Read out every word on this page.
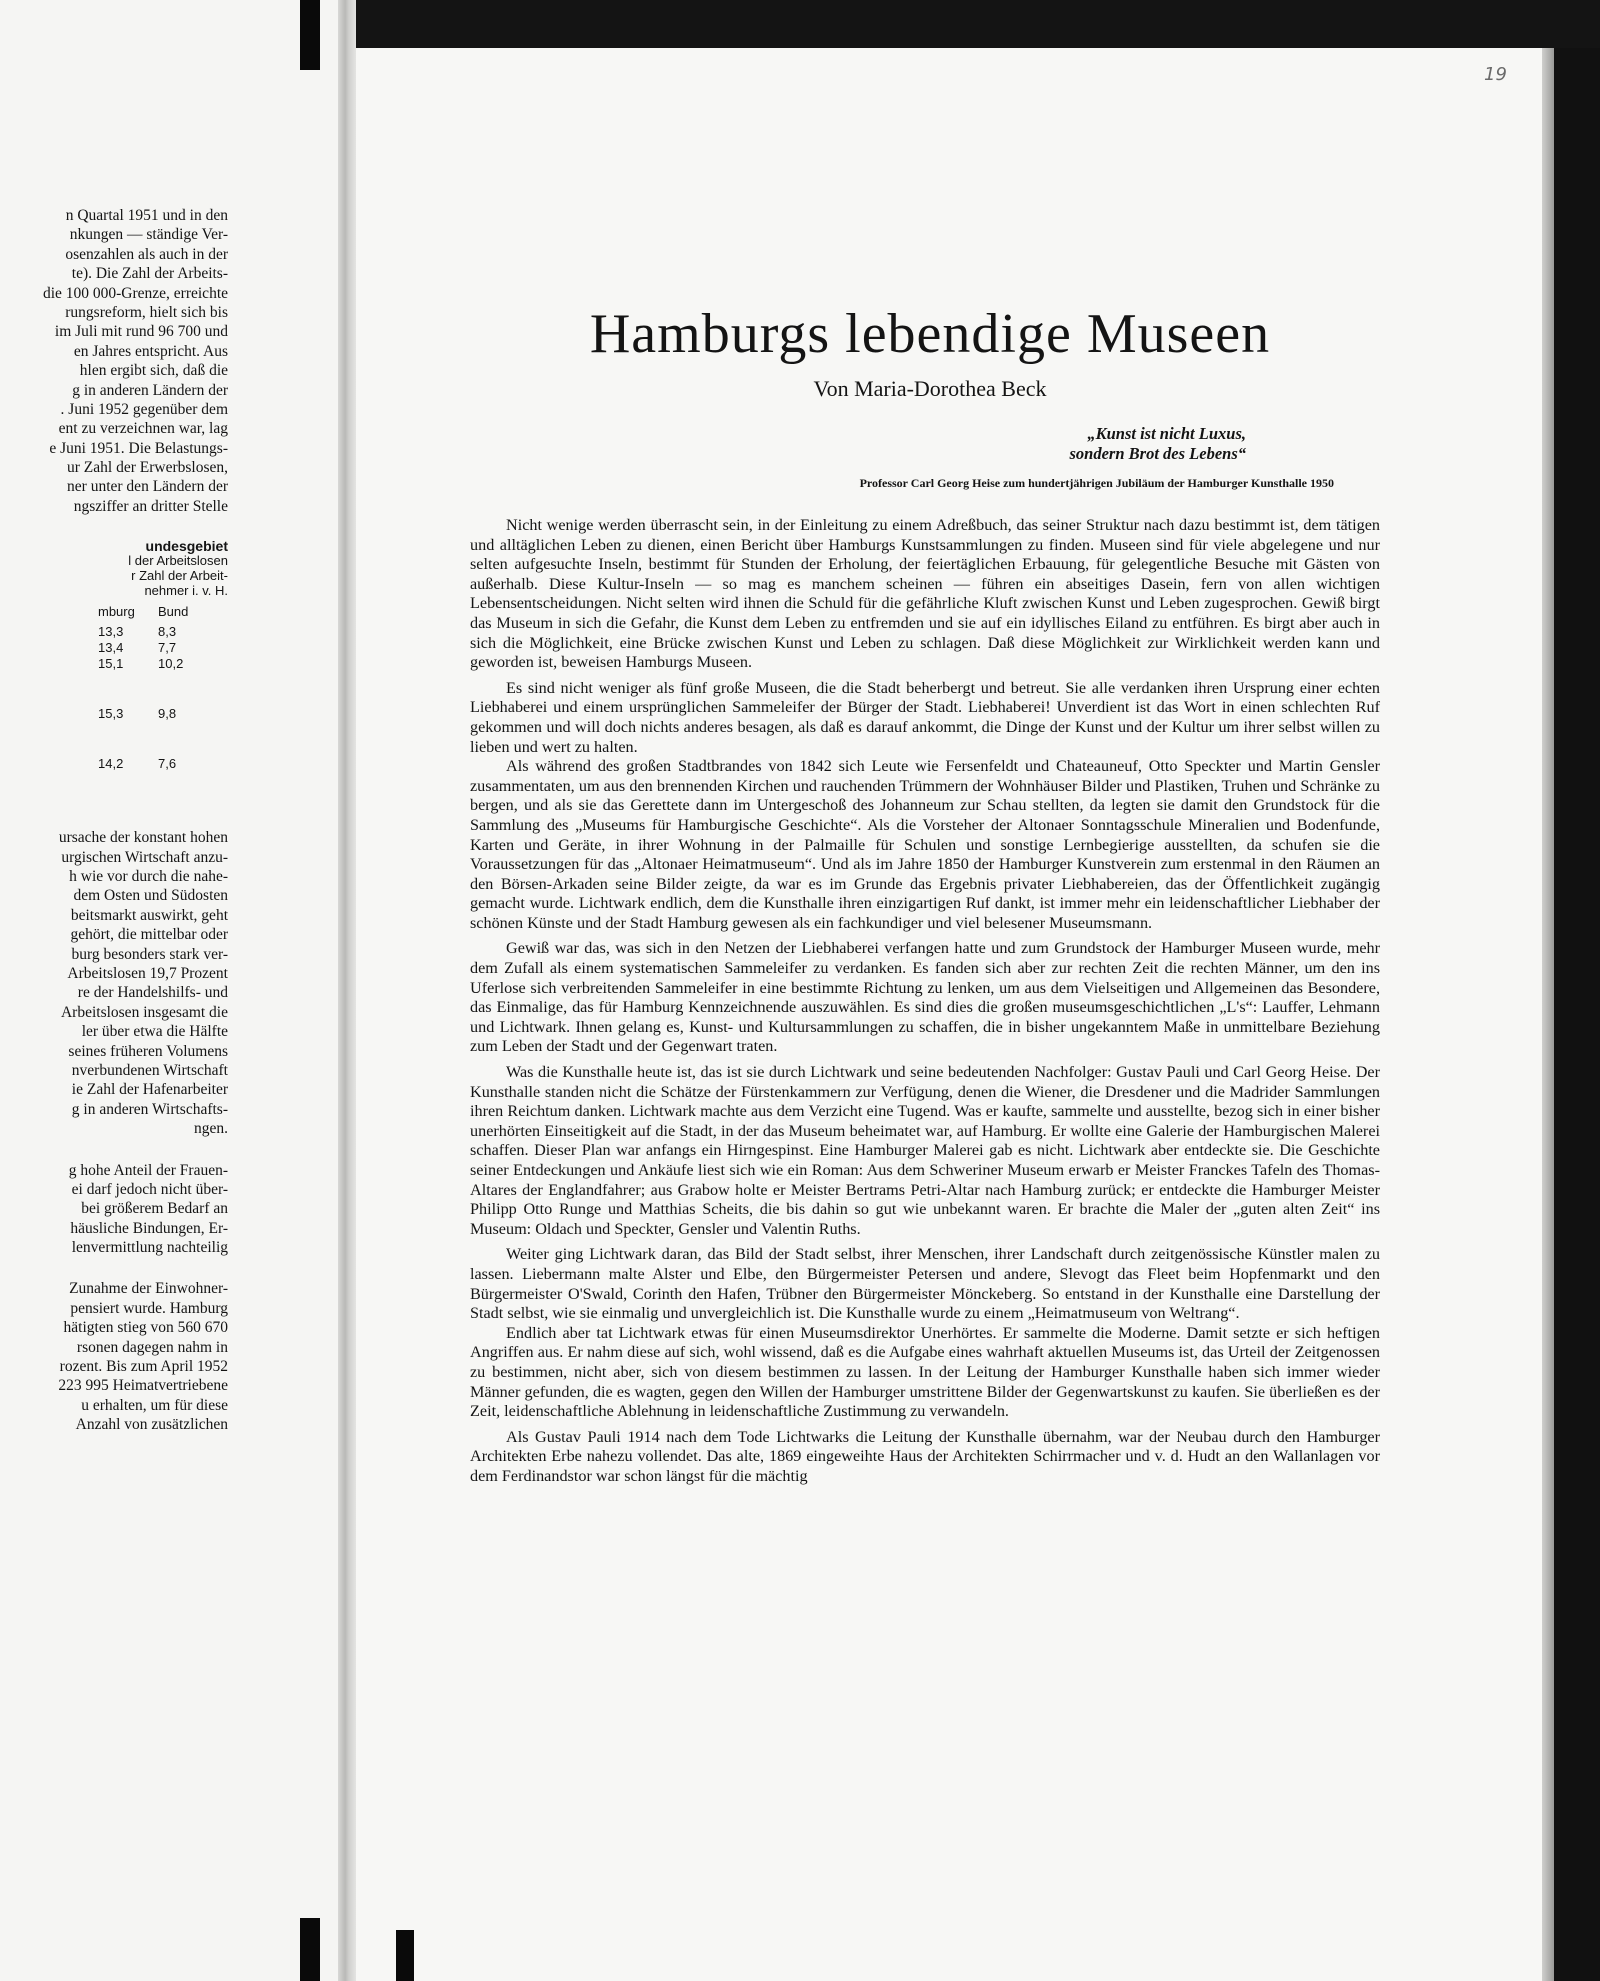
19
n Quartal 1951 und in den
nkungen — ständige Ver-
osenzahlen als auch in der
te). Die Zahl der Arbeits-
die 100 000-Grenze, erreichte
rungsreform, hielt sich bis
im Juli mit rund 96 700 und
en Jahres entspricht. Aus
hlen ergibt sich, daß die
g in anderen Ländern der
. Juni 1952 gegenüber dem
ent zu verzeichnen war, lag
e Juni 1951. Die Belastungs-
ur Zahl der Erwerbslosen,
ner unter den Ländern der
ngsziffer an dritter Stelle
undesgebiet
l der Arbeitslosen
r Zahl der Arbeit-
nehmer i. v. H.
mburg	Bund
13,3	8,3
13,4	7,7
15,1	10,2
15,3	9,8
14,2	7,6
ursache der konstant hohen
urgischen Wirtschaft anzu-
h wie vor durch die nahe-
dem Osten und Südosten
beitsmarkt auswirkt, geht
gehört, die mittelbar oder
burg besonders stark ver-
Arbeitslosen 19,7 Prozent
re der Handelshilfs- und
Arbeitslosen insgesamt die
ler über etwa die Hälfte
seines früheren Volumens
nverbundenen Wirtschaft
ie Zahl der Hafenarbeiter
g in anderen Wirtschafts-
ngen.
g hohe Anteil der Frauen-
ei darf jedoch nicht über-
bei größerem Bedarf an
häusliche Bindungen, Er-
lenvermittlung nachteilig
Zunahme der Einwohner-
pensiert wurde. Hamburg
hätigten stieg von 560 670
rsonen dagegen nahm in
rozent. Bis zum April 1952
223 995 Heimatvertriebene
u erhalten, um für diese
Anzahl von zusätzlichen
Hamburgs lebendige Museen
Von Maria-Dorothea Beck
„Kunst ist nicht Luxus,
sondern Brot des Lebens“
Professor Carl Georg Heise zum hundertjährigen Jubiläum der Hamburger Kunsthalle 1950

Nicht wenige werden überrascht sein, in der Einleitung zu einem Adreßbuch, das seiner Struktur nach dazu bestimmt ist, dem tätigen und alltäglichen Leben zu dienen, einen Bericht über Hamburgs Kunstsammlungen zu finden. Museen sind für viele abgelegene und nur selten aufgesuchte Inseln, bestimmt für Stunden der Erholung, der feiertäglichen Erbauung, für gelegentliche Besuche mit Gästen von außerhalb. Diese Kultur-Inseln — so mag es manchem scheinen — führen ein abseitiges Dasein, fern von allen wichtigen Lebensentscheidungen. Nicht selten wird ihnen die Schuld für die gefährliche Kluft zwischen Kunst und Leben zugesprochen. Gewiß birgt das Museum in sich die Gefahr, die Kunst dem Leben zu entfremden und sie auf ein idyllisches Eiland zu entführen. Es birgt aber auch in sich die Möglichkeit, eine Brücke zwischen Kunst und Leben zu schlagen. Daß diese Möglichkeit zur Wirklichkeit werden kann und geworden ist, beweisen Hamburgs Museen.

Es sind nicht weniger als fünf große Museen, die die Stadt beherbergt und betreut. Sie alle verdanken ihren Ursprung einer echten Liebhaberei und einem ursprünglichen Sammeleifer der Bürger der Stadt. Liebhaberei! Unverdient ist das Wort in einen schlechten Ruf gekommen und will doch nichts anderes besagen, als daß es darauf ankommt, die Dinge der Kunst und der Kultur um ihrer selbst willen zu lieben und wert zu halten.

Als während des großen Stadtbrandes von 1842 sich Leute wie Fersenfeldt und Chateauneuf, Otto Speckter und Martin Gensler zusammentaten, um aus den brennenden Kirchen und rauchenden Trümmern der Wohnhäuser Bilder und Plastiken, Truhen und Schränke zu bergen, und als sie das Gerettete dann im Untergeschoß des Johanneum zur Schau stellten, da legten sie damit den Grundstock für die Sammlung des „Museums für Hamburgische Geschichte“. Als die Vorsteher der Altonaer Sonntagsschule Mineralien und Bodenfunde, Karten und Geräte, in ihrer Wohnung in der Palmaille für Schulen und sonstige Lernbegierige ausstellten, da schufen sie die Voraussetzungen für das „Altonaer Heimatmuseum“. Und als im Jahre 1850 der Hamburger Kunstverein zum erstenmal in den Räumen an den Börsen-Arkaden seine Bilder zeigte, da war es im Grunde das Ergebnis privater Liebhabereien, das der Öffentlichkeit zugängig gemacht wurde. Lichtwark endlich, dem die Kunsthalle ihren einzigartigen Ruf dankt, ist immer mehr ein leidenschaftlicher Liebhaber der schönen Künste und der Stadt Hamburg gewesen als ein fachkundiger und viel belesener Museumsmann.

Gewiß war das, was sich in den Netzen der Liebhaberei verfangen hatte und zum Grundstock der Hamburger Museen wurde, mehr dem Zufall als einem systematischen Sammeleifer zu verdanken. Es fanden sich aber zur rechten Zeit die rechten Männer, um den ins Uferlose sich verbreitenden Sammeleifer in eine bestimmte Richtung zu lenken, um aus dem Vielseitigen und Allgemeinen das Besondere, das Einmalige, das für Hamburg Kennzeichnende auszuwählen. Es sind dies die großen museumsgeschichtlichen „L's“: Lauffer, Lehmann und Lichtwark. Ihnen gelang es, Kunst- und Kultursammlungen zu schaffen, die in bisher ungekanntem Maße in unmittelbare Beziehung zum Leben der Stadt und der Gegenwart traten.

Was die Kunsthalle heute ist, das ist sie durch Lichtwark und seine bedeutenden Nachfolger: Gustav Pauli und Carl Georg Heise. Der Kunsthalle standen nicht die Schätze der Fürstenkammern zur Verfügung, denen die Wiener, die Dresdener und die Madrider Sammlungen ihren Reichtum danken. Lichtwark machte aus dem Verzicht eine Tugend. Was er kaufte, sammelte und ausstellte, bezog sich in einer bisher unerhörten Einseitigkeit auf die Stadt, in der das Museum beheimatet war, auf Hamburg. Er wollte eine Galerie der Hamburgischen Malerei schaffen. Dieser Plan war anfangs ein Hirngespinst. Eine Hamburger Malerei gab es nicht. Lichtwark aber entdeckte sie. Die Geschichte seiner Entdeckungen und Ankäufe liest sich wie ein Roman: Aus dem Schweriner Museum erwarb er Meister Franckes Tafeln des Thomas-Altares der Englandfahrer; aus Grabow holte er Meister Bertrams Petri-Altar nach Hamburg zurück; er entdeckte die Hamburger Meister Philipp Otto Runge und Matthias Scheits, die bis dahin so gut wie unbekannt waren. Er brachte die Maler der „guten alten Zeit“ ins Museum: Oldach und Speckter, Gensler und Valentin Ruths.

Weiter ging Lichtwark daran, das Bild der Stadt selbst, ihrer Menschen, ihrer Landschaft durch zeitgenössische Künstler malen zu lassen. Liebermann malte Alster und Elbe, den Bürgermeister Petersen und andere, Slevogt das Fleet beim Hopfenmarkt und den Bürgermeister O'Swald, Corinth den Hafen, Trübner den Bürgermeister Mönckeberg. So entstand in der Kunsthalle eine Darstellung der Stadt selbst, wie sie einmalig und unvergleichlich ist. Die Kunsthalle wurde zu einem „Heimatmuseum von Weltrang“.

Endlich aber tat Lichtwark etwas für einen Museumsdirektor Unerhörtes. Er sammelte die Moderne. Damit setzte er sich heftigen Angriffen aus. Er nahm diese auf sich, wohl wissend, daß es die Aufgabe eines wahrhaft aktuellen Museums ist, das Urteil der Zeitgenossen zu bestimmen, nicht aber, sich von diesem bestimmen zu lassen. In der Leitung der Hamburger Kunsthalle haben sich immer wieder Männer gefunden, die es wagten, gegen den Willen der Hamburger umstrittene Bilder der Gegenwartskunst zu kaufen. Sie überließen es der Zeit, leidenschaftliche Ablehnung in leidenschaftliche Zustimmung zu verwandeln.

Als Gustav Pauli 1914 nach dem Tode Lichtwarks die Leitung der Kunsthalle übernahm, war der Neubau durch den Hamburger Architekten Erbe nahezu vollendet. Das alte, 1869 eingeweihte Haus der Architekten Schirrmacher und v. d. Hudt an den Wallanlagen vor dem Ferdinandstor war schon längst für die mächtig
